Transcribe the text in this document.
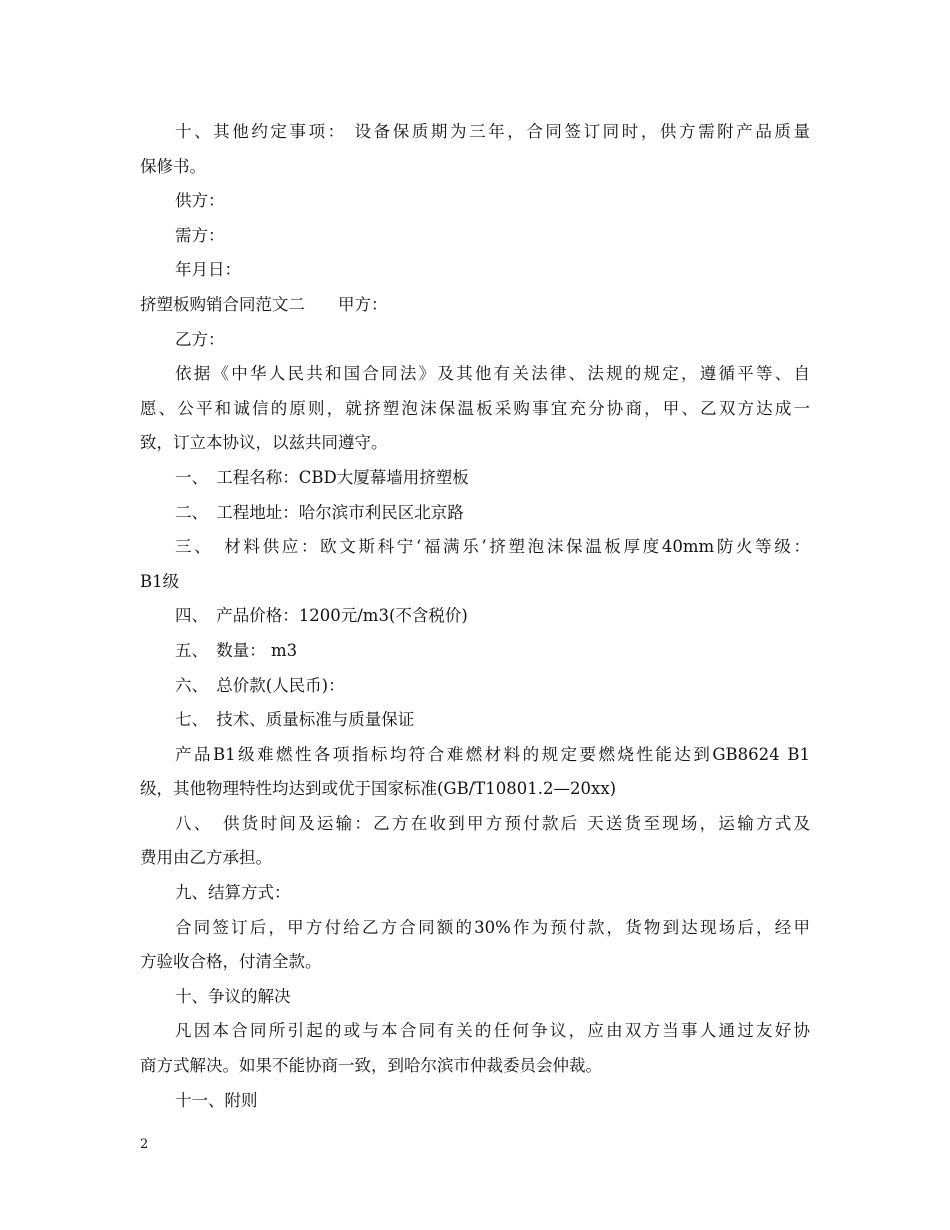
十、其他约定事项： 设备保质期为三年，合同签订同时，供方需附产品质量
保修书。
供方：
需方：
年月日：
挤塑板购销合同范文二　　甲方：
乙方：
依据《中华人民共和国合同法》及其他有关法律、法规的规定，遵循平等、自
愿、公平和诚信的原则，就挤塑泡沫保温板采购事宜充分协商，甲、乙双方达成一
致，订立本协议，以兹共同遵守。
一、　工程名称：CBD大厦幕墙用挤塑板
二、　工程地址：哈尔滨市利民区北京路
三、　材料供应：欧文斯科宁‘福满乐’挤塑泡沫保温板厚度40mm防火等级：
B1级
四、　产品价格：1200元/m3(不含税价)
五、　数量： m3
六、　总价款(人民币)：
七、　技术、质量标准与质量保证
产品B1级难燃性各项指标均符合难燃材料的规定要燃烧性能达到GB8624 B1
级，其他物理特性均达到或优于国家标准(GB/T10801.2—20xx)
八、　供货时间及运输：乙方在收到甲方预付款后 天送货至现场，运输方式及
费用由乙方承担。
九、结算方式：
合同签订后，甲方付给乙方合同额的30%作为预付款，货物到达现场后，经甲
方验收合格，付清全款。
十、争议的解决
凡因本合同所引起的或与本合同有关的任何争议，应由双方当事人通过友好协
商方式解决。如果不能协商一致，到哈尔滨市仲裁委员会仲裁。
十一、附则
2
